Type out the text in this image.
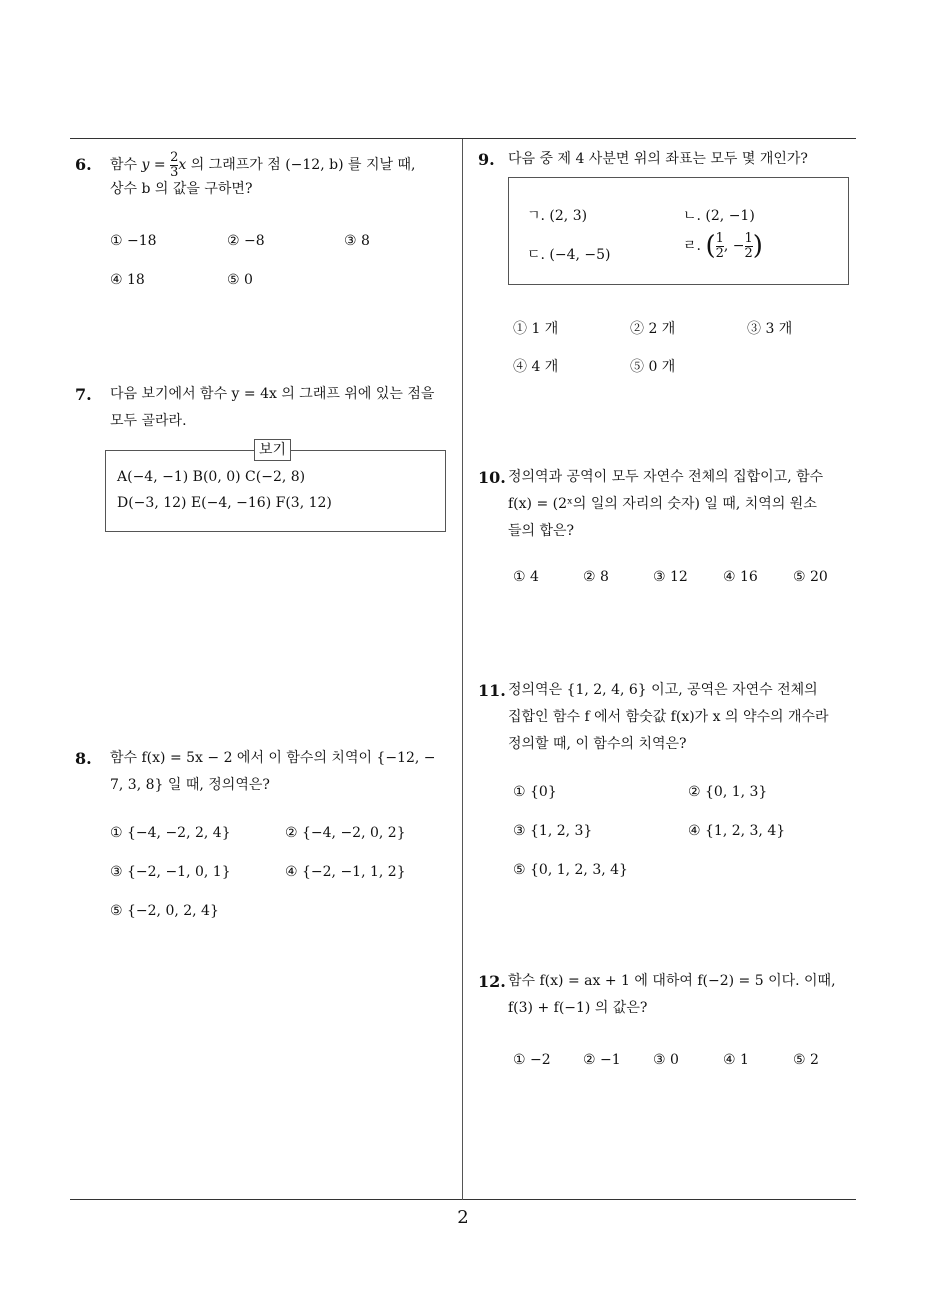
6. 함수 $y = \frac{2}{3}$ x 의 그래프가 점 (−12, b) 를 지날 때,
상수 b 의 값을 구하면?
① −18	② −8	③ 8
④ 18	⑤ 0
7. 다음 보기에서 함수 y = 4x 의 그래프 위에 있는 점을
모두 골라라.
보기
A(−4, −1) B(0, 0) C(−2, 8)
D(−3, 12) E(−4, −16) F(3, 12)
8. 함수 f(x) = 5x − 2 에서 이 함수의 치역이 {−12, −
7, 3, 8} 일 때, 정의역은?
① {−4, −2, 2, 4}	② {−4, −2, 0, 2}
③ {−2, −1, 0, 1}	④ {−2, −1, 1, 2}
⑤ {−2, 0, 2, 4}
9. 다음 중 제 4 사분면 위의 좌표는 모두 몇 개인가?
ㄱ. (2, 3)	ㄴ. (2, −1)
ㄷ. (−4, −5)
ㄹ. ( $\frac{1}{2}$ , − $\frac{1}{2}$ )
① 1 개	② 2 개	③ 3 개
④ 4 개	⑤ 0 개
10. 정의역과 공역이 모두 자연수 전체의 집합이고, 함수
f(x) = (2ˣ의 일의 자리의 숫자) 일 때, 치역의 원소
들의 합은?
① 4	② 8	③ 12	④ 16	⑤ 20
11. 정의역은 {1, 2, 4, 6} 이고, 공역은 자연수 전체의
집합인 함수 f 에서 함숫값 f(x)가 x 의 약수의 개수라
정의할 때, 이 함수의 치역은?
① {0}	② {0, 1, 3}
③ {1, 2, 3}	④ {1, 2, 3, 4}
⑤ {0, 1, 2, 3, 4}
12. 함수 f(x) = ax + 1 에 대하여 f(−2) = 5 이다. 이때,
f(3) + f(−1) 의 값은?
① −2 ② −1 ③ 0	④ 1	⑤ 2
2
